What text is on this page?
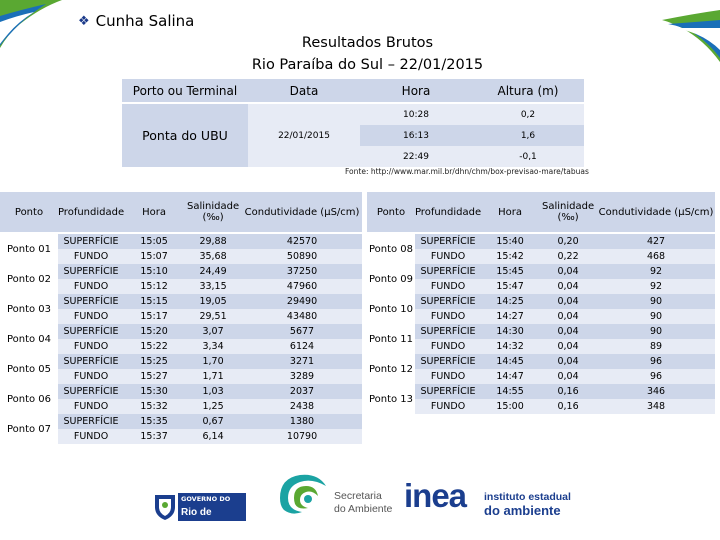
❖ Cunha Salina
Resultados Brutos
Rio Paraíba do Sul – 22/01/2015
Porto ou Terminal	Data	Hora	Altura (m)
Ponta do UBU	22/01/2015	10:28	0,2
		16:13	1,6
		22:49	-0,1
Fonte: http://www.mar.mil.br/dhn/chm/box-previsao-mare/tabuas
Ponto	Profundidade	Hora	Salinidade (‰)	Condutividade (µS/cm)
Ponto 01	SUPERFÍCIE	15:05	29,88	42570
	FUNDO	15:07	35,68	50890
Ponto 02	SUPERFÍCIE	15:10	24,49	37250
	FUNDO	15:12	33,15	47960
Ponto 03	SUPERFÍCIE	15:15	19,05	29490
	FUNDO	15:17	29,51	43480
Ponto 04	SUPERFÍCIE	15:20	3,07	5677
	FUNDO	15:22	3,34	6124
Ponto 05	SUPERFÍCIE	15:25	1,70	3271
	FUNDO	15:27	1,71	3289
Ponto 06	SUPERFÍCIE	15:30	1,03	2037
	FUNDO	15:32	1,25	2438
Ponto 07	SUPERFÍCIE	15:35	0,67	1380
	FUNDO	15:37	6,14	10790
Ponto	Profundidade	Hora	Salinidade (‰)	Condutividade (µS/cm)
Ponto 08	SUPERFÍCIE	15:40	0,20	427
	FUNDO	15:42	0,22	468
Ponto 09	SUPERFÍCIE	15:45	0,04	92
	FUNDO	15:47	0,04	92
Ponto 10	SUPERFÍCIE	14:25	0,04	90
	FUNDO	14:27	0,04	90
Ponto 11	SUPERFÍCIE	14:30	0,04	90
	FUNDO	14:32	0,04	89
Ponto 12	SUPERFÍCIE	14:45	0,04	96
	FUNDO	14:47	0,04	96
Ponto 13	SUPERFÍCIE	14:55	0,16	346
	FUNDO	15:00	0,16	348
GOVERNO DO
Rio de Janeiro
Secretaria
do Ambiente inea instituto estadual
do ambiente
